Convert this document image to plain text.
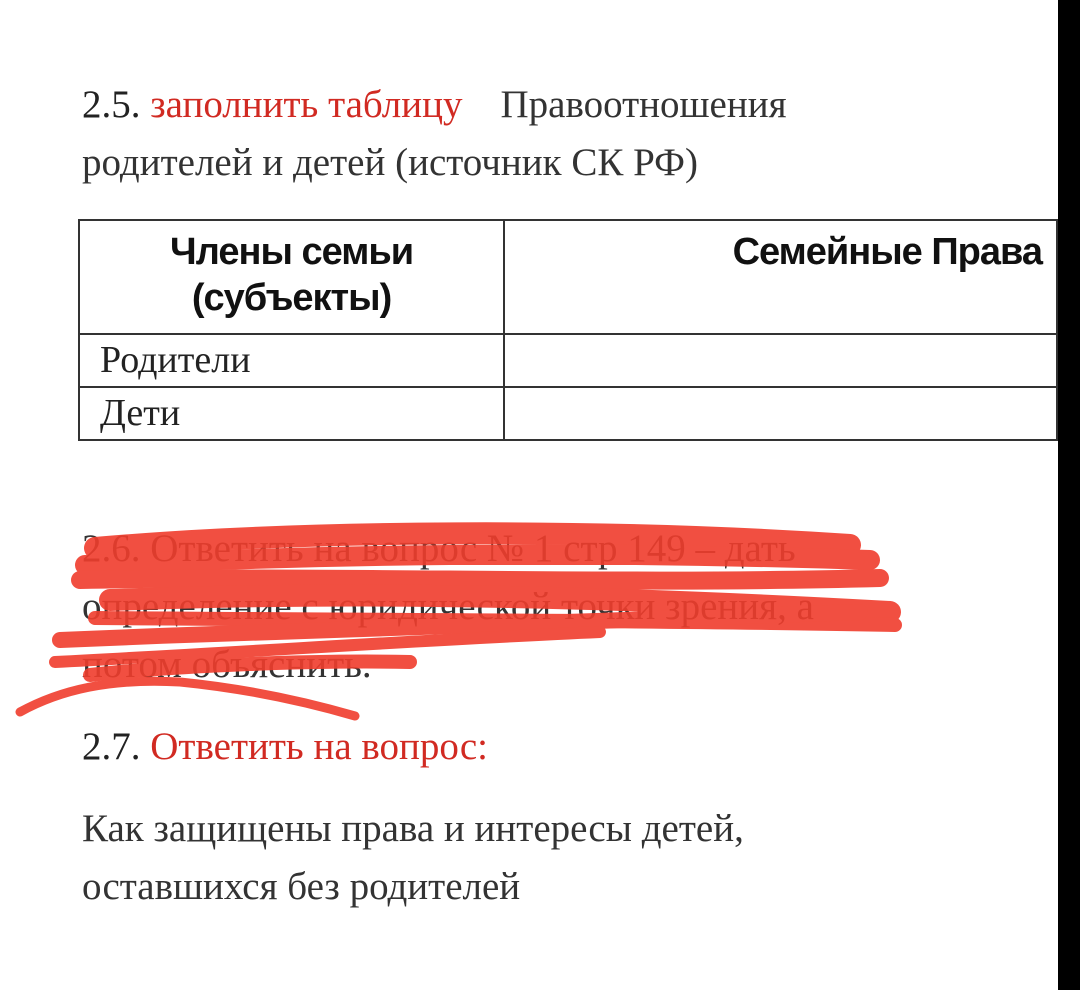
2.5. заполнить таблицу Правоотношения
родителей и детей (источник СК РФ)
Члены семьи
(субъекты)	Семейные Права

Родители	

Дети	

2.6. Ответить на вопрос № 1 стр 149 – дать
определение с юридической точки зрения, а
потом объяснить.
2.7. Ответить на вопрос:
Как защищены права и интересы детей,
оставшихся без родителей
